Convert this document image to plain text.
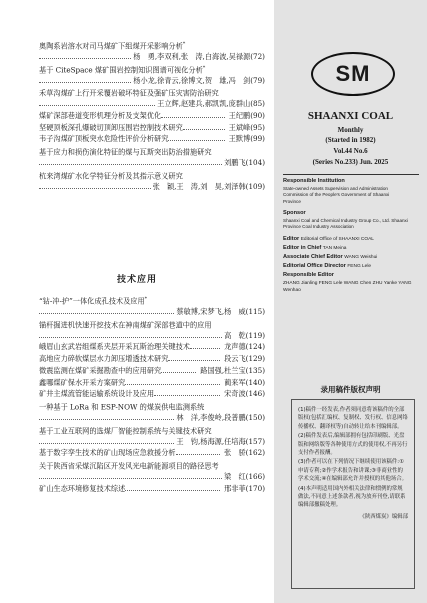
奥陶系岩溶水对司马煤矿下组煤开采影响分析*
杨　勇,李双利,张　涛,白海波,吴禄源 (72)
基于 CiteSpace 煤矿围岩控制知识图谱可视化分析*
杨小龙,徐青云,徐博文,贺　雄,冯　剑 (79)
禾草沟煤矿上行开采覆岩破坏特征及强矿压灾害防治研究
王立辉,赵建兵,郝凯凯,庞群山 (85)
煤矿深部巷道变形机理分析及支架优化	王纪鹏 (90)
坚硬顶板深孔爆破切顶卸压围岩控制技术研究	王斌峰 (95)
韦子沟煤矿顶板突水危险性评价分析研究	王默博 (99)
基于应力和损伤演化特征的煤与瓦斯突出防治措施研究
刘鹏飞 (104)
杭来湾煤矿水化学特征分析及其指示意义研究
张　颖,王　涛,刘　昊,刘泽韩 (109)
技术应用
“钻-冲-护”一体化成孔技术及应用*
蔡敏博,宋梦飞,杨　威 (115)
锚杆掘进机快速开挖技术在神南煤矿深部巷道中的应用
高　乾 (119)
峨眉山玄武岩组煤系夹层开采瓦斯治理关键技术	龙声德 (124)
高地应力碎软煤层水力卸压增透技术研究	段云飞 (129)
微震监测在煤矿采掘勘查中的应用研究	路国强,杜兰宝 (135)
鑫哪煤矿保水开采方案研究	蔺来军 (140)
矿井主煤流管能运输系统设计及应用	宋奇波 (146)
一种基于 LoRa 和 ESP-NOW 的煤炭供电监测系统
林　洋,李俊岭,段普鹏 (150)
基于工业互联网的选煤厂智能控制系统与关键技术研究
王　钧,杨海源,任培海 (157)
基于数字孪生技术的矿山现场应急救援分析	张　骄 (162)
关于陕西省采煤沉陷区开发风光电新能源项目的路径思考
梁　红 (166)
矿山生态环境修复技术综述	邢非菲 (170)
SM
SHAANXI COAL
Monthly
(Started in 1982)
Vol.44 No.6
(Series No.233) Jun. 2025
Responsible Institution
State-owned Assets Supervision and Administration Commission of the People's Government of Shaanxi Province
Sponsor
Shaanxi Coal and Chemical Industry Group Co., Ltd. Shaanxi Province Coal Industry Association
Editor Editorial Office of SHAANXI COAL
Editor in Chief TAN Meina
Associate Chief Editor WANG Weishui
Editorial Office Director FENG Lele
Responsible Editor
ZHANG Jianling FENG Lele WANG Chen ZHU Yanke YANG Wenhao
录用稿件版权声明

(1)稿件一经发表,作者须同意将该稿件的全部版权(包括汇编权、复制权、发行权、信息网络传播权、翻译权等)自动转让给本刊编辑部。

(2)稿件发表后,编辑部拥有包括印刷版、光盘版和网络版等各种使用方式的使用权,不再另行支付作者报酬。

(3)作者可以在下列情况下继续使用该稿件:①申请专利;②作学术报告和讲课;③非商业性的学术交流;④在编辑部允许并授权的其他场合。

(4)本声明适用国内外相关法律和惯例的常规做法,不同意上述条款者,视为放弃刊登,请联系编辑部撤稿处理。

《陕西煤炭》编辑部
